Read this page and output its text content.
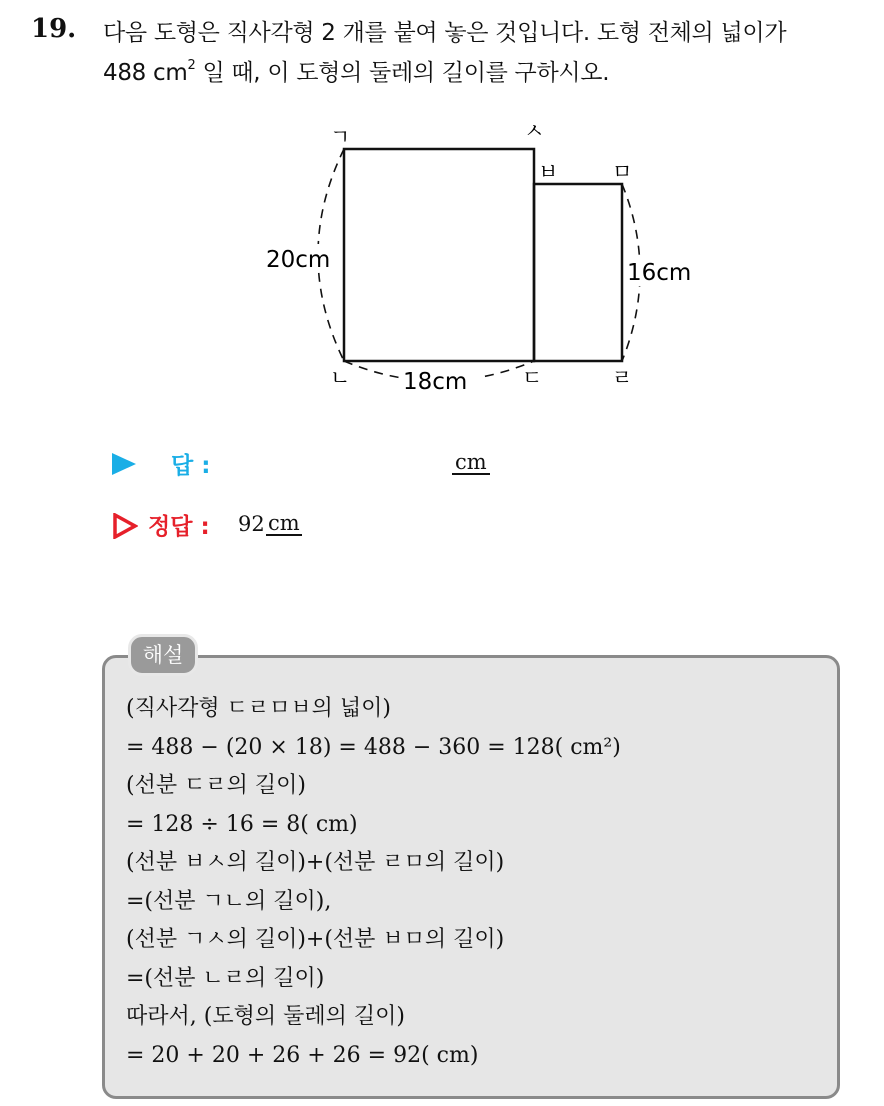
19. 다음 도형은 직사각형 2 개를 붙여 놓은 것입니다. 도형 전체의 넓이가
488 $cm^2$ 일 때, 이 도형의 둘레의 길이를 구하시오.
20cm
18cm
16cm
ㄱ	ㅅ
ㅂ	ㅁ
ㄴ	ㄷ	ㄹ
답 :	cm
정답 : 92 cm
해설
(직사각형 ㄷㄹㅁㅂ의 넓이)
= 488 − (20 × 18) = 488 − 360 = 128( cm²)
(선분 ㄷㄹ의 길이)
= 128 ÷ 16 = 8( cm)
(선분 ㅂㅅ의 길이)+(선분 ㄹㅁ의 길이)
=(선분 ㄱㄴ의 길이),
(선분 ㄱㅅ의 길이)+(선분 ㅂㅁ의 길이)
=(선분 ㄴㄹ의 길이)
따라서, (도형의 둘레의 길이)
= 20 + 20 + 26 + 26 = 92( cm)
